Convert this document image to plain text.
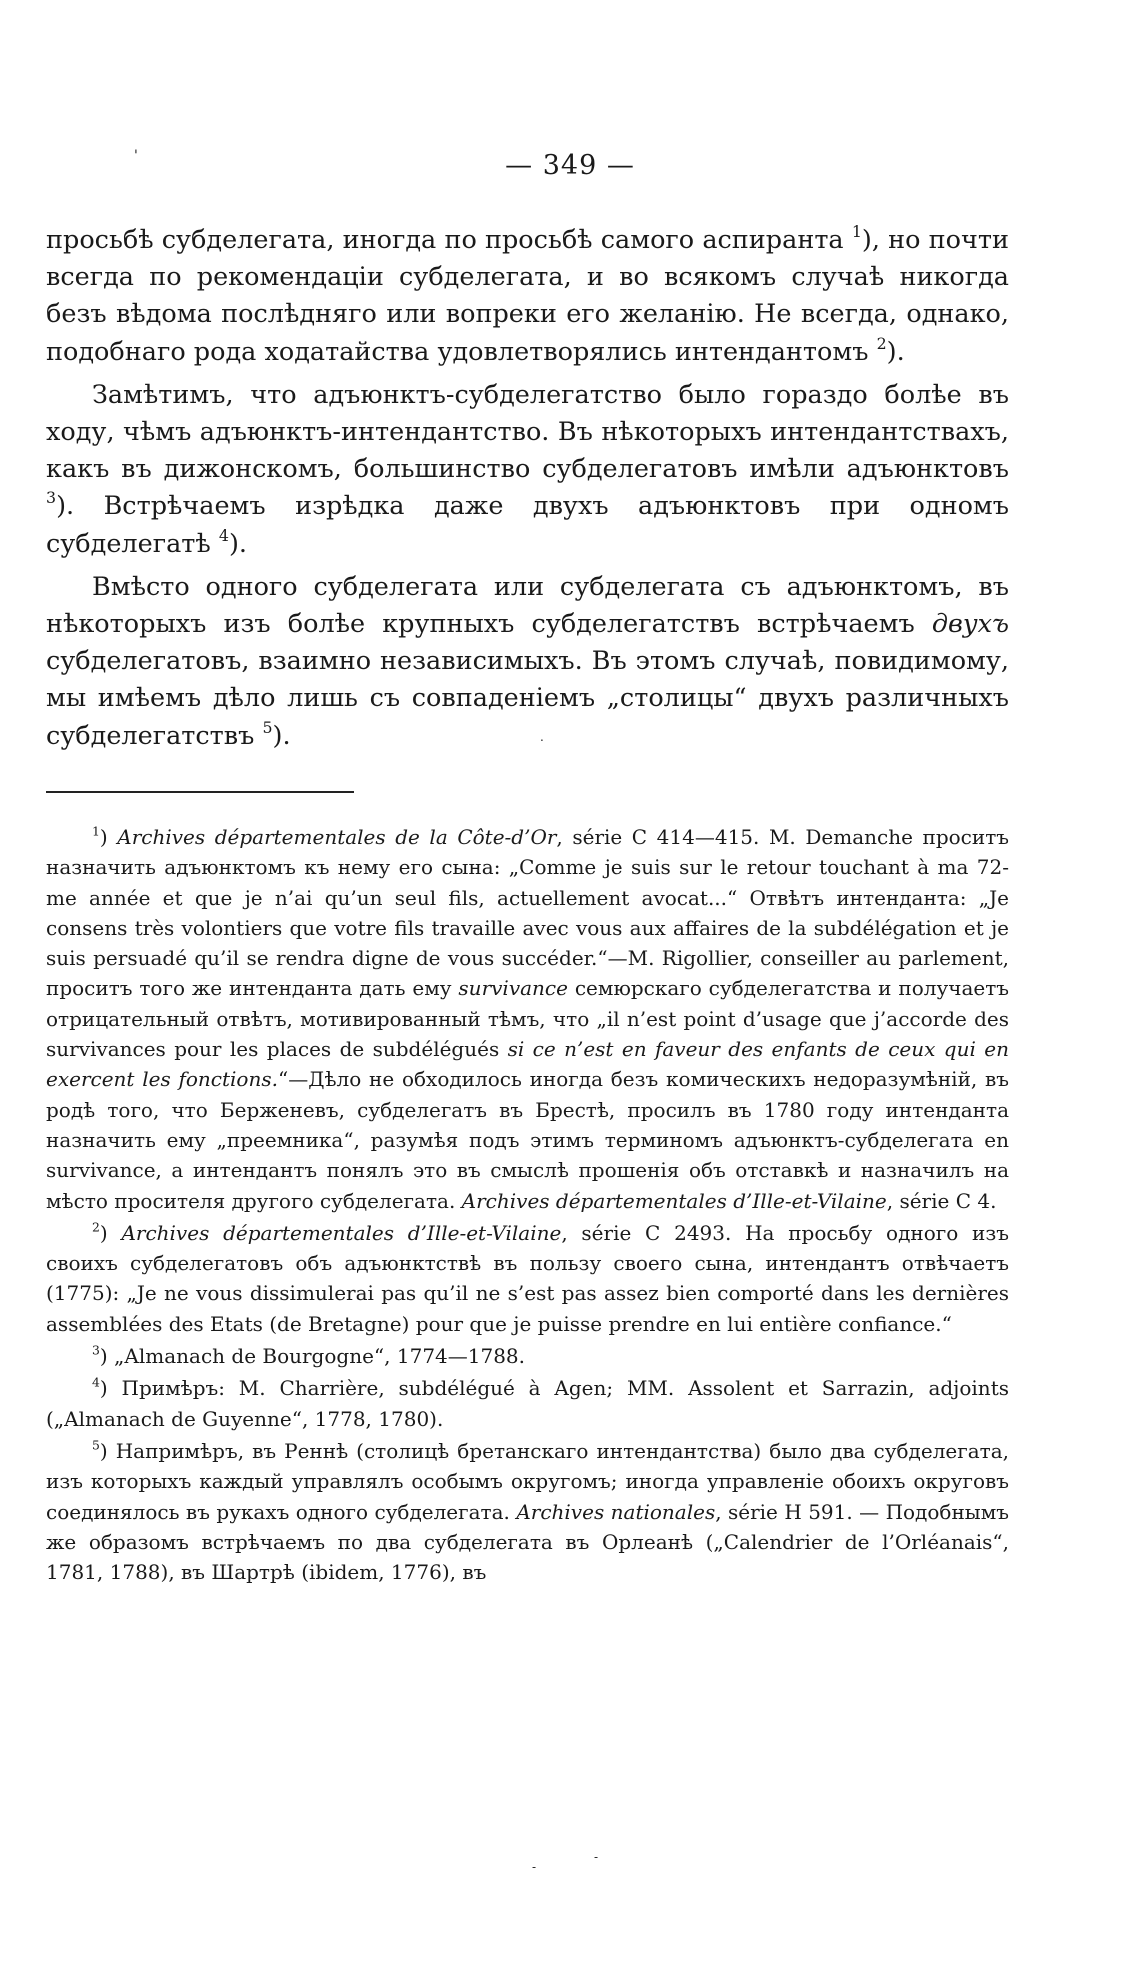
'	— 349 —

просьбѣ субделегата, иногда по просьбѣ самого аспиранта $^1$), но почти всегда по рекомендаціи субделегата, и во всякомъ случаѣ никогда безъ вѣдома послѣдняго или вопреки его желанію. Не всегда, однако, подобнаго рода ходатайства удовлетворялись интендантомъ $^2$).

Замѣтимъ, что адъюнктъ-субделегатство было гораздо болѣе въ ходу, чѣмъ адъюнктъ-интендантство. Въ нѣкоторыхъ интендантствахъ, какъ въ дижонскомъ, большинство субделегатовъ имѣли адъюнктовъ $^3$). Встрѣчаемъ изрѣдка даже двухъ адъюнктовъ при одномъ субделегатѣ $^4$).

Вмѣсто одного субделегата или субделегата съ адъюнктомъ, въ нѣкоторыхъ изъ болѣе крупныхъ субделегатствъ встрѣчаемъ двухъ субделегатовъ, взаимно независимыхъ. Въ этомъ случаѣ, повидимому, мы имѣемъ дѣло лишь съ совпаденіемъ „столицы“ двухъ различныхъ субделегатствъ $^5$).

$^1$) Archives départementales de la Côte-d’Or, série C 414—415. M. Demanche проситъ назначить адъюнктомъ къ нему его сына: „Comme je suis sur le retour touchant à ma 72-me année et que je n’ai qu’un seul fils, actuellement avocat...“ Отвѣтъ интенданта: „Je consens très volontiers que votre fils travaille avec vous aux affaires de la subdélégation et je suis persuadé qu’il se rendra digne de vous succéder.“—M. Rigollier, conseiller au parlement, проситъ того же интенданта дать ему survivance семюрскаго субделегатства и получаетъ отрицательный отвѣтъ, мотивированный тѣмъ, что „il n’est point d’usage que j’accorde des survivances pour les places de subdélégués si ce n’est en faveur des enfants de ceux qui en exercent les fonctions.“—Дѣло не обходилось иногда безъ комическихъ недоразумѣній, въ родѣ того, что Берженевъ, субделегатъ въ Брестѣ, просилъ въ 1780 году интенданта назначить ему „преемника“, разумѣя подъ этимъ терминомъ адъюнктъ-субделегата en survivance, а интендантъ понялъ это въ смыслѣ прошенія объ отставкѣ и назначилъ на мѣсто просителя другого субделегата. Archives départementales d’Ille-et-Vilaine, série C 4.

$^2$) Archives départementales d’Ille-et-Vilaine, série C 2493. На просьбу одного изъ своихъ субделегатовъ объ адъюнктствѣ въ пользу своего сына, интендантъ отвѣчаетъ (1775): „Je ne vous dissimulerai pas qu’il ne s’est pas assez bien comporté dans les dernières assemblées des Etats (de Bretagne) pour que je puisse prendre en lui entière confiance.“

$^3$) „Almanach de Bourgogne“, 1774—1788.

$^4$) Примѣръ: M. Charrière, subdélégué à Agen; MM. Assolent et Sarrazin, adjoints („Almanach de Guyenne“, 1778, 1780).

$^5$) Напримѣръ, въ Реннѣ (столицѣ бретанскаго интендантства) было два субделегата, изъ которыхъ каждый управлялъ особымъ округомъ; иногда управленіе обоихъ округовъ соединялось въ рукахъ одного субделегата. Archives nationales, série H 591. — Подобнымъ же образомъ встрѣчаемъ по два субделегата въ Орлеанѣ („Calendrier de l’Orléanais“, 1781, 1788), въ Шартрѣ (ibidem, 1776), въ

.
-
-
